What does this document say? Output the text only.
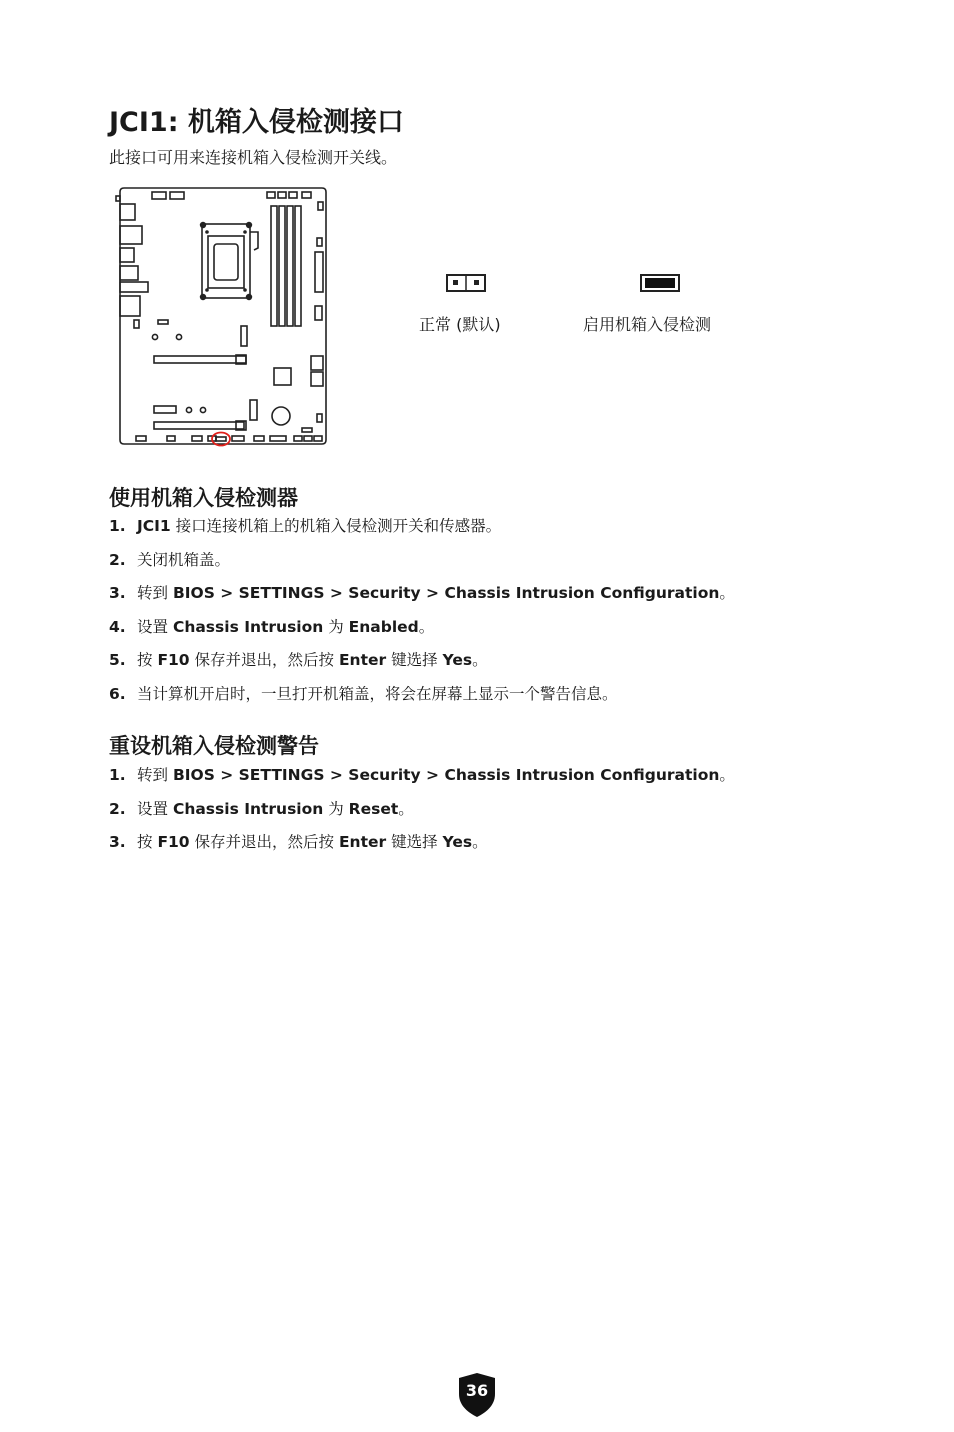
JCI1: 机箱入侵检测接口

此接口可用来连接机箱入侵检测开关线。

正常 (默认)	启用机箱入侵检测
使用机箱入侵检测器
1. JCI1 接口连接机箱上的机箱入侵检测开关和传感器。
2. 关闭机箱盖。
3. 转到 BIOS > SETTINGS > Security > Chassis Intrusion Configuration。
4. 设置 Chassis Intrusion 为 Enabled。
5. 按 F10 保存并退出，然后按 Enter 键选择 Yes。
6. 当计算机开启时，一旦打开机箱盖，将会在屏幕上显示一个警告信息。
重设机箱入侵检测警告
1. 转到 BIOS > SETTINGS > Security > Chassis Intrusion Configuration。
2. 设置 Chassis Intrusion 为 Reset。
3. 按 F10 保存并退出，然后按 Enter 键选择 Yes。
36
